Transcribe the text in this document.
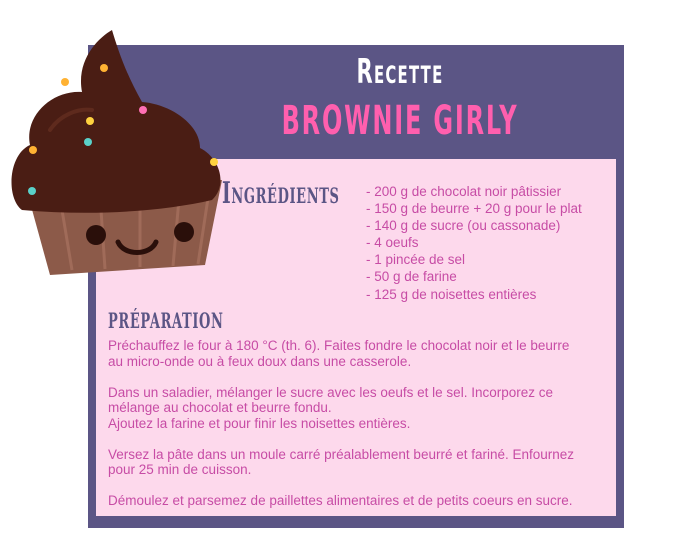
Recette
BROWNIE GIRLY
Ingrédients - 200 g de chocolat noir pâtissier
- 150 g de beurre + 20 g pour le plat
- 140 g de sucre (ou cassonade)
- 4 oeufs
- 1 pincée de sel
- 50 g de farine
- 125 g de noisettes entières
préparation

Préchauffez le four à 180 °C (th. 6). Faites fondre le chocolat noir et le beurre
au micro-onde ou à feux doux dans une casserole.

Dans un saladier, mélanger le sucre avec les oeufs et le sel. Incorporez ce
mélange au chocolat et beurre fondu.
Ajoutez la farine et pour finir les noisettes entières.

Versez la pâte dans un moule carré préalablement beurré et fariné. Enfournez
pour 25 min de cuisson.

Démoulez et parsemez de paillettes alimentaires et de petits coeurs en sucre.
